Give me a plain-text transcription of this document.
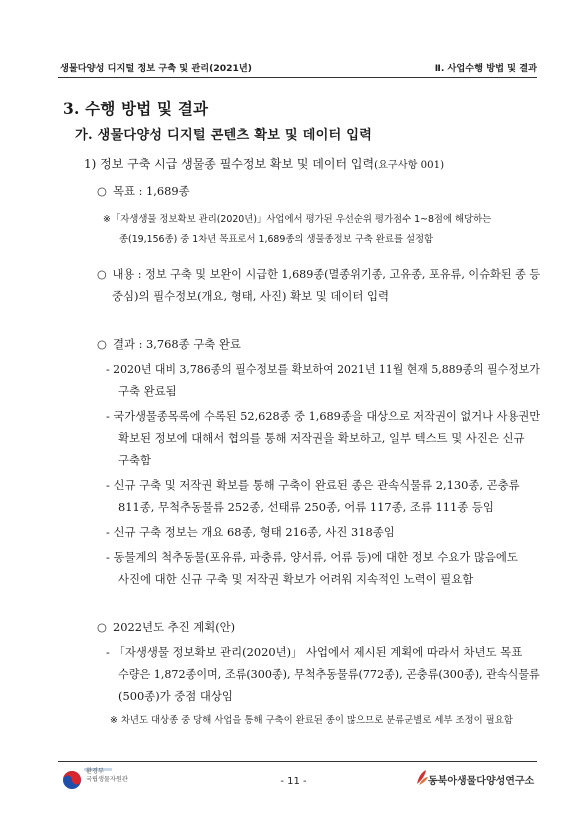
생물다양성 디지털 정보 구축 및 관리(2021년)	Ⅱ. 사업수행 방법 및 결과
3. 수행 방법 및 결과
가. 생물다양성 디지털 콘텐츠 확보 및 데이터 입력
1) 정보 구축 시급 생물종 필수정보 확보 및 데이터 입력(요구사항 001)
○ 목표 : 1,689종
※「자생생물 정보확보 관리(2020년)」사업에서 평가된 우선순위 평가점수 1~8점에 해당하는
종(19,156종) 중 1차년 목표로서 1,689종의 생물종정보 구축 완료를 설정함
○ 내용 : 정보 구축 및 보완이 시급한 1,689종(멸종위기종, 고유종, 포유류, 이슈화된 종 등
중심)의 필수정보(개요, 형태, 사진) 확보 및 데이터 입력
○ 결과 : 3,768종 구축 완료
- 2020년 대비 3,786종의 필수정보를 확보하여 2021년 11월 현재 5,889종의 필수정보가
구축 완료됨
- 국가생물종목록에 수록된 52,628종 중 1,689종을 대상으로 저작권이 없거나 사용권만
확보된 정보에 대해서 협의를 통해 저작권을 확보하고, 일부 텍스트 및 사진은 신규
구축함
- 신규 구축 및 저작권 확보를 통해 구축이 완료된 종은 관속식물류 2,130종, 곤충류
811종, 무척추동물류 252종, 선태류 250종, 어류 117종, 조류 111종 등임
- 신규 구축 정보는 개요 68종, 형태 216종, 사진 318종임
- 동물계의 척추동물(포유류, 파충류, 양서류, 어류 등)에 대한 정보 수요가 많음에도
사진에 대한 신규 구축 및 저작권 확보가 어려워 지속적인 노력이 필요함
○ 2022년도 추진 계획(안)
- 「자생생물 정보확보 관리(2020년)」 사업에서 제시된 계획에 따라서 차년도 목표
수량은 1,872종이며, 조류(300종), 무척추동물류(772종), 곤충류(300종), 관속식물류
(500종)가 중점 대상임
※ 차년도 대상종 중 당해 사업을 통해 구축이 완료된 종이 많으므로 분류군별로 세부 조정이 필요함
환경부
국립생물자원관	- 11 -	동북아생물다양성연구소
